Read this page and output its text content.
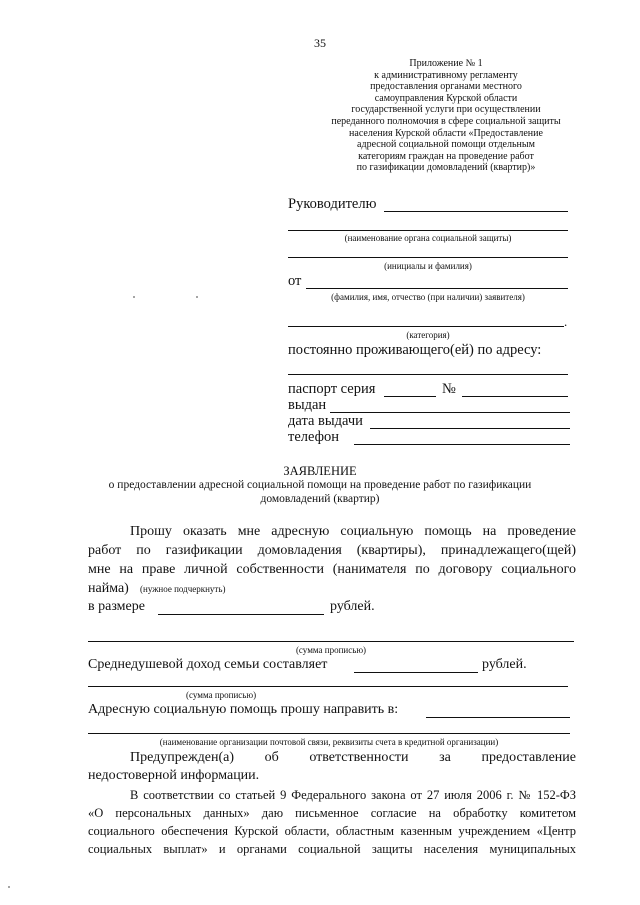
35
Приложение № 1
к административному регламенту
предоставления органами местного
самоуправления Курской области
государственной услуги при осуществлении
переданного полномочия в сфере социальной защиты
населения Курской области «Предоставление
адресной социальной помощи отдельным
категориям граждан на проведение работ
по газификации домовладений (квартир)»
Руководителю
(наименование органа социальной защиты)
(инициалы и фамилия)
от
(фамилия, имя, отчество (при наличии) заявителя)
.
(категория)
постоянно проживающего(ей) по адресу:
паспорт серия	№
выдан
дата выдачи
телефон
ЗАЯВЛЕНИЕ
о предоставлении адресной социальной помощи на проведение работ по газификации
домовладений (квартир)
Прошу оказать мне адресную социальную помощь на проведение
работ по газификации домовладения (квартиры), принадлежащего(щей)
мне на праве личной собственности (нанимателя по договору социального
найма) (нужное подчеркнуть)
в размере	рублей.
(сумма прописью)
Среднедушевой доход семьи составляет	рублей.
(сумма прописью)
Адресную социальную помощь прошу направить в:
(наименование организации почтовой связи, реквизиты счета в кредитной организации)
Предупрежден(а) об ответственности за предоставление
недостоверной информации.
В соответствии со статьей 9 Федерального закона от 27 июля 2006 г. № 152-ФЗ
«О персональных данных» даю письменное согласие на обработку комитетом
социального обеспечения Курской области, областным казенным учреждением «Центр
социальных выплат» и органами социальной защиты населения муниципальных
